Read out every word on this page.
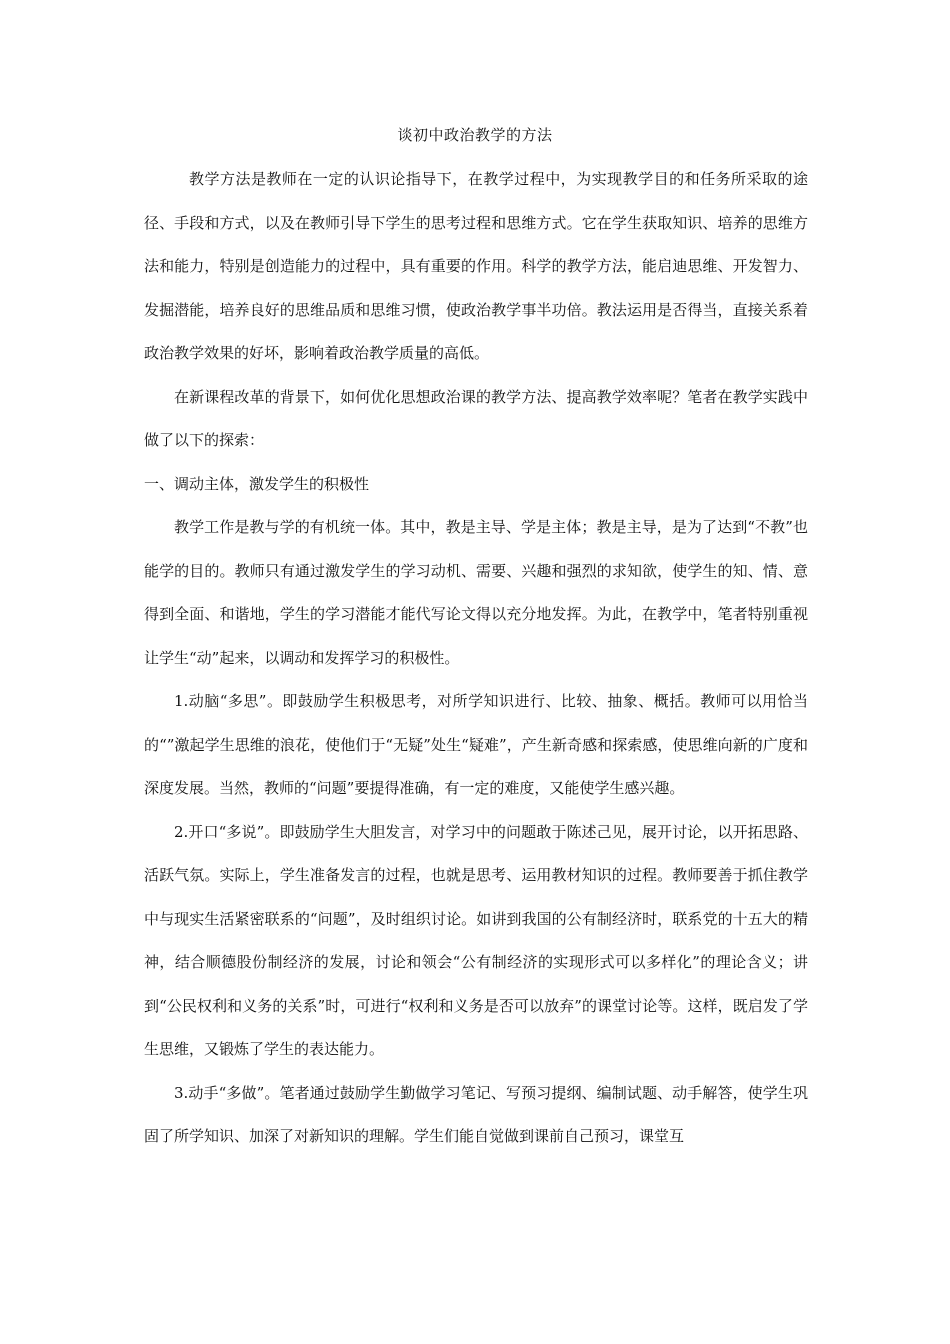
谈初中政治教学的方法

教学方法是教师在一定的认识论指导下，在教学过程中，为实现教学目的和任务所采取的途径、手段和方式，以及在教师引导下学生的思考过程和思维方式。它在学生获取知识、培养的思维方法和能力，特别是创造能力的过程中，具有重要的作用。科学的教学方法，能启迪思维、开发智力、发掘潜能，培养良好的思维品质和思维习惯，使政治教学事半功倍。教法运用是否得当，直接关系着政治教学效果的好坏，影响着政治教学质量的高低。

在新课程改革的背景下，如何优化思想政治课的教学方法、提高教学效率呢？笔者在教学实践中做了以下的探索：

一、调动主体，激发学生的积极性

教学工作是教与学的有机统一体。其中，教是主导、学是主体；教是主导，是为了达到“不教”也能学的目的。教师只有通过激发学生的学习动机、需要、兴趣和强烈的求知欲，使学生的知、情、意得到全面、和谐地，学生的学习潜能才能代写论文得以充分地发挥。为此，在教学中，笔者特别重视让学生“动”起来，以调动和发挥学习的积极性。

1.动脑“多思”。即鼓励学生积极思考，对所学知识进行、比较、抽象、概括。教师可以用恰当的“”激起学生思维的浪花，使他们于“无疑”处生“疑难”，产生新奇感和探索感，使思维向新的广度和深度发展。当然，教师的“问题”要提得准确，有一定的难度，又能使学生感兴趣。

2.开口“多说”。即鼓励学生大胆发言，对学习中的问题敢于陈述己见，展开讨论，以开拓思路、活跃气氛。实际上，学生准备发言的过程，也就是思考、运用教材知识的过程。教师要善于抓住教学中与现实生活紧密联系的“问题”，及时组织讨论。如讲到我国的公有制经济时，联系党的十五大的精神，结合顺德股份制经济的发展，讨论和领会“公有制经济的实现形式可以多样化”的理论含义；讲到“公民权利和义务的关系”时，可进行“权利和义务是否可以放弃”的课堂讨论等。这样，既启发了学生思维，又锻炼了学生的表达能力。

3.动手“多做”。笔者通过鼓励学生勤做学习笔记、写预习提纲、编制试题、动手解答，使学生巩固了所学知识、加深了对新知识的理解。学生们能自觉做到课前自己预习，课堂互
